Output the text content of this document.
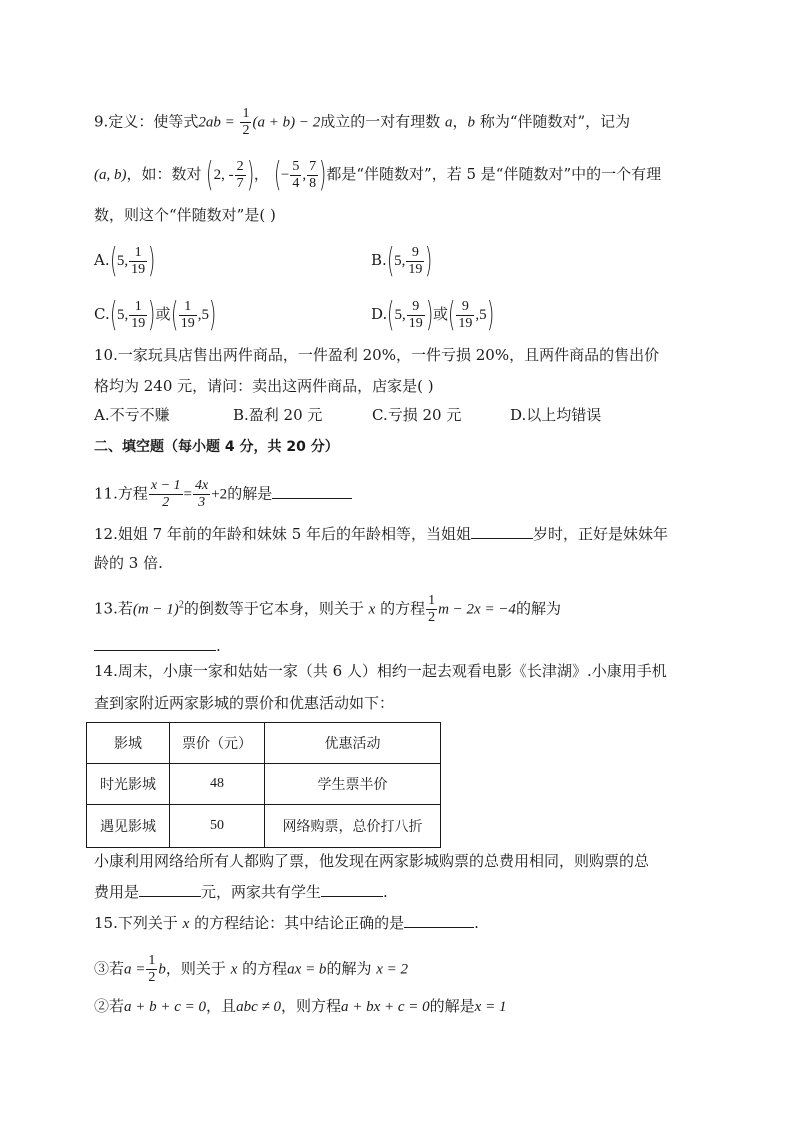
9.定义：使等式$2ab = \frac{1}{2} (a + b) - 2$成立的一对有理数 a，b 称为“伴随数对”，记为
(a, b)，如：数对 (2, - $\frac{2}{7}$ )， (− $\frac{5}{4}$ , $\frac{7}{8}$ )都是“伴随数对”，若 5 是“伴随数对”中的一个有理
数，则这个“伴随数对”是( )
A.(5, $\frac{1}{19}$ )	B.(5, $\frac{9}{19}$ )
C.(5, $\frac{1}{19}$ )或( $\frac{1}{19} ,5$)	D.(5, $\frac{9}{19}$ )或( $\frac{9}{19} ,5$)
10.一家玩具店售出两件商品，一件盈利 20%，一件亏损 20%，且两件商品的售出价
格均为 240 元，请问：卖出这两件商品，店家是( )
A.不亏不赚	B.盈利 20 元	C.亏损 20 元	D.以上均错误
二、填空题（每小题 4 分，共 20 分）
11.方程 $\frac{x - 1}{2} = \frac{4x}{3} +2$的解是
12.姐姐 7 年前的年龄和妹妹 5 年后的年龄相等，当姐姐	岁时，正好是妹妹年
龄的 3 倍.
13.若$(m - 1)^2$的倒数等于它本身，则关于 x 的方程 $\frac{1}{2}$ m − 2x = −4的解为
.
14.周末，小康一家和姑姑一家（共 6 人）相约一起去观看电影《长津湖》.小康用手机
查到家附近两家影城的票价和优惠活动如下：
影城	票价（元）	优惠活动
时光影城	48	学生票半价
遇见影城	50	网络购票，总价打八折
小康利用网络给所有人都购了票，他发现在两家影城购票的总费用相同，则购票的总
费用是	元，两家共有学生	.
15.下列关于 x 的方程结论：其中结论正确的是	.
③若$a = \frac{1}{2}$ b，则关于 x 的方程ax = b的解为 x = 2
②若a + b + c = 0，且abc ≠ 0，则方程a + bx + c = 0的解是x = 1
